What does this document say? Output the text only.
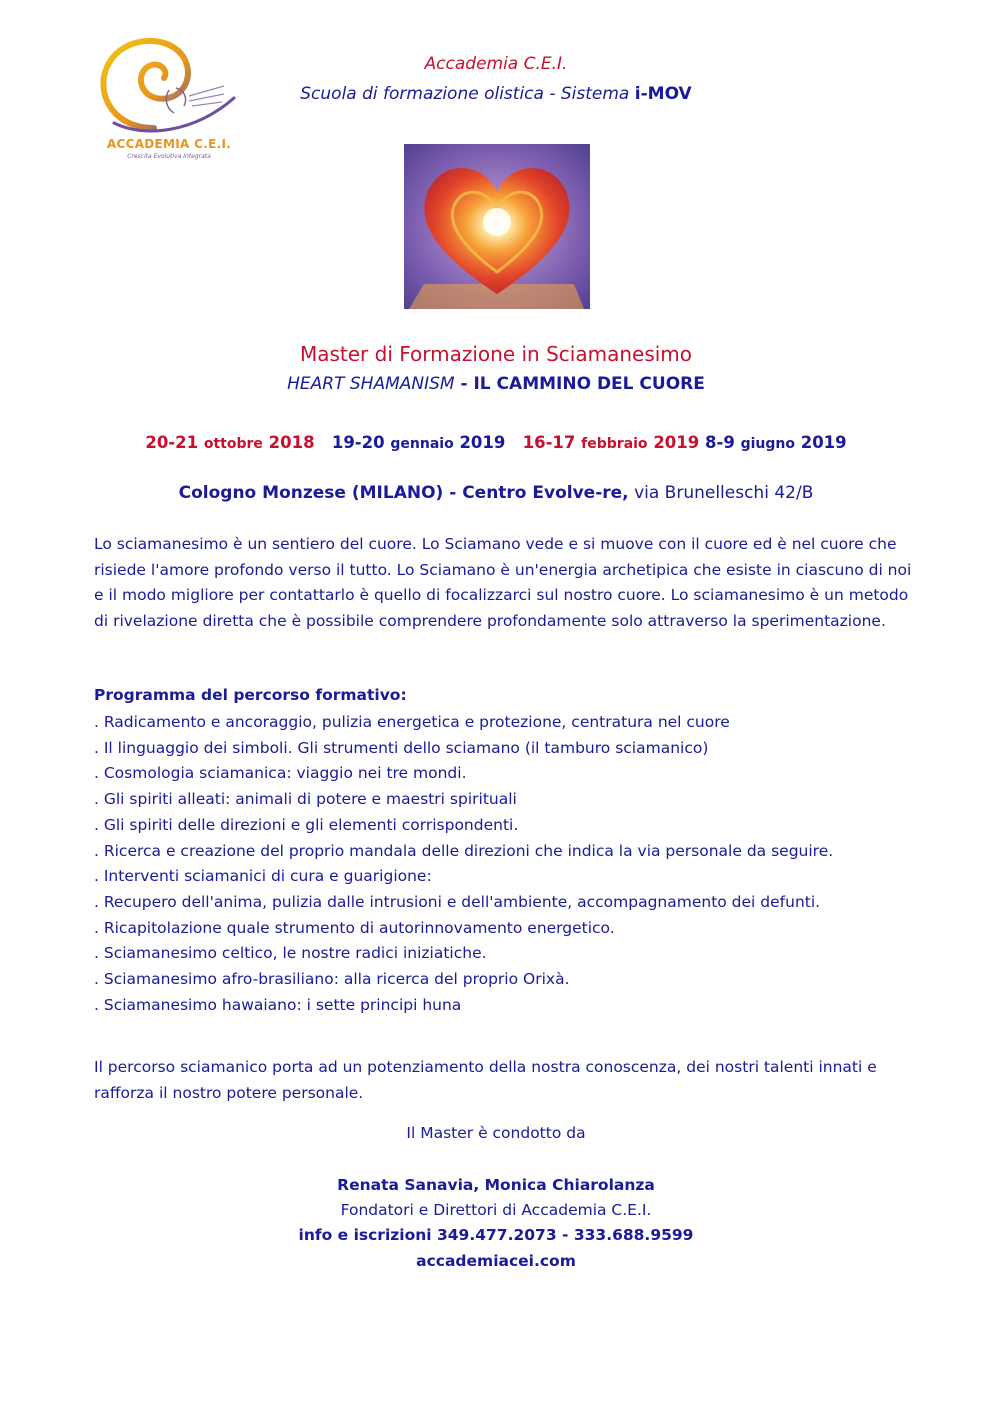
ACCADEMIA C.E.I.
Crescita Evolutiva Integrata
Accademia C.E.I.
Scuola di formazione olistica - Sistema i-MOV
Master di Formazione in Sciamanesimo
HEART SHAMANISM - IL CAMMINO DEL CUORE
20-21 ottobre 2018 19-20 gennaio 2019 16-17 febbraio 2019 8-9 giugno 2019
Cologno Monzese (MILANO) - Centro Evolve-re, via Brunelleschi 42/B
Lo sciamanesimo è un sentiero del cuore. Lo Sciamano vede e si muove con il cuore ed è nel cuore che risiede l'amore profondo verso il tutto. Lo Sciamano è un'energia archetipica che esiste in ciascuno di noi e il modo migliore per contattarlo è quello di focalizzarci sul nostro cuore. Lo sciamanesimo è un metodo di rivelazione diretta che è possibile comprendere profondamente solo attraverso la sperimentazione.
Programma del percorso formativo:
. Radicamento e ancoraggio, pulizia energetica e protezione, centratura nel cuore
. Il linguaggio dei simboli. Gli strumenti dello sciamano (il tamburo sciamanico)
. Cosmologia sciamanica: viaggio nei tre mondi.
. Gli spiriti alleati: animali di potere e maestri spirituali
. Gli spiriti delle direzioni e gli elementi corrispondenti.
. Ricerca e creazione del proprio mandala delle direzioni che indica la via personale da seguire.
. Interventi sciamanici di cura e guarigione:
. Recupero dell'anima, pulizia dalle intrusioni e dell'ambiente, accompagnamento dei defunti.
. Ricapitolazione quale strumento di autorinnovamento energetico.
. Sciamanesimo celtico, le nostre radici iniziatiche.
. Sciamanesimo afro-brasiliano: alla ricerca del proprio Orixà.
. Sciamanesimo hawaiano: i sette principi huna
Il percorso sciamanico porta ad un potenziamento della nostra conoscenza, dei nostri talenti innati e rafforza il nostro potere personale.
Il Master è condotto da
Renata Sanavia, Monica Chiarolanza
Fondatori e Direttori di Accademia C.E.I.
info e iscrizioni 349.477.2073 - 333.688.9599
accademiacei.com
